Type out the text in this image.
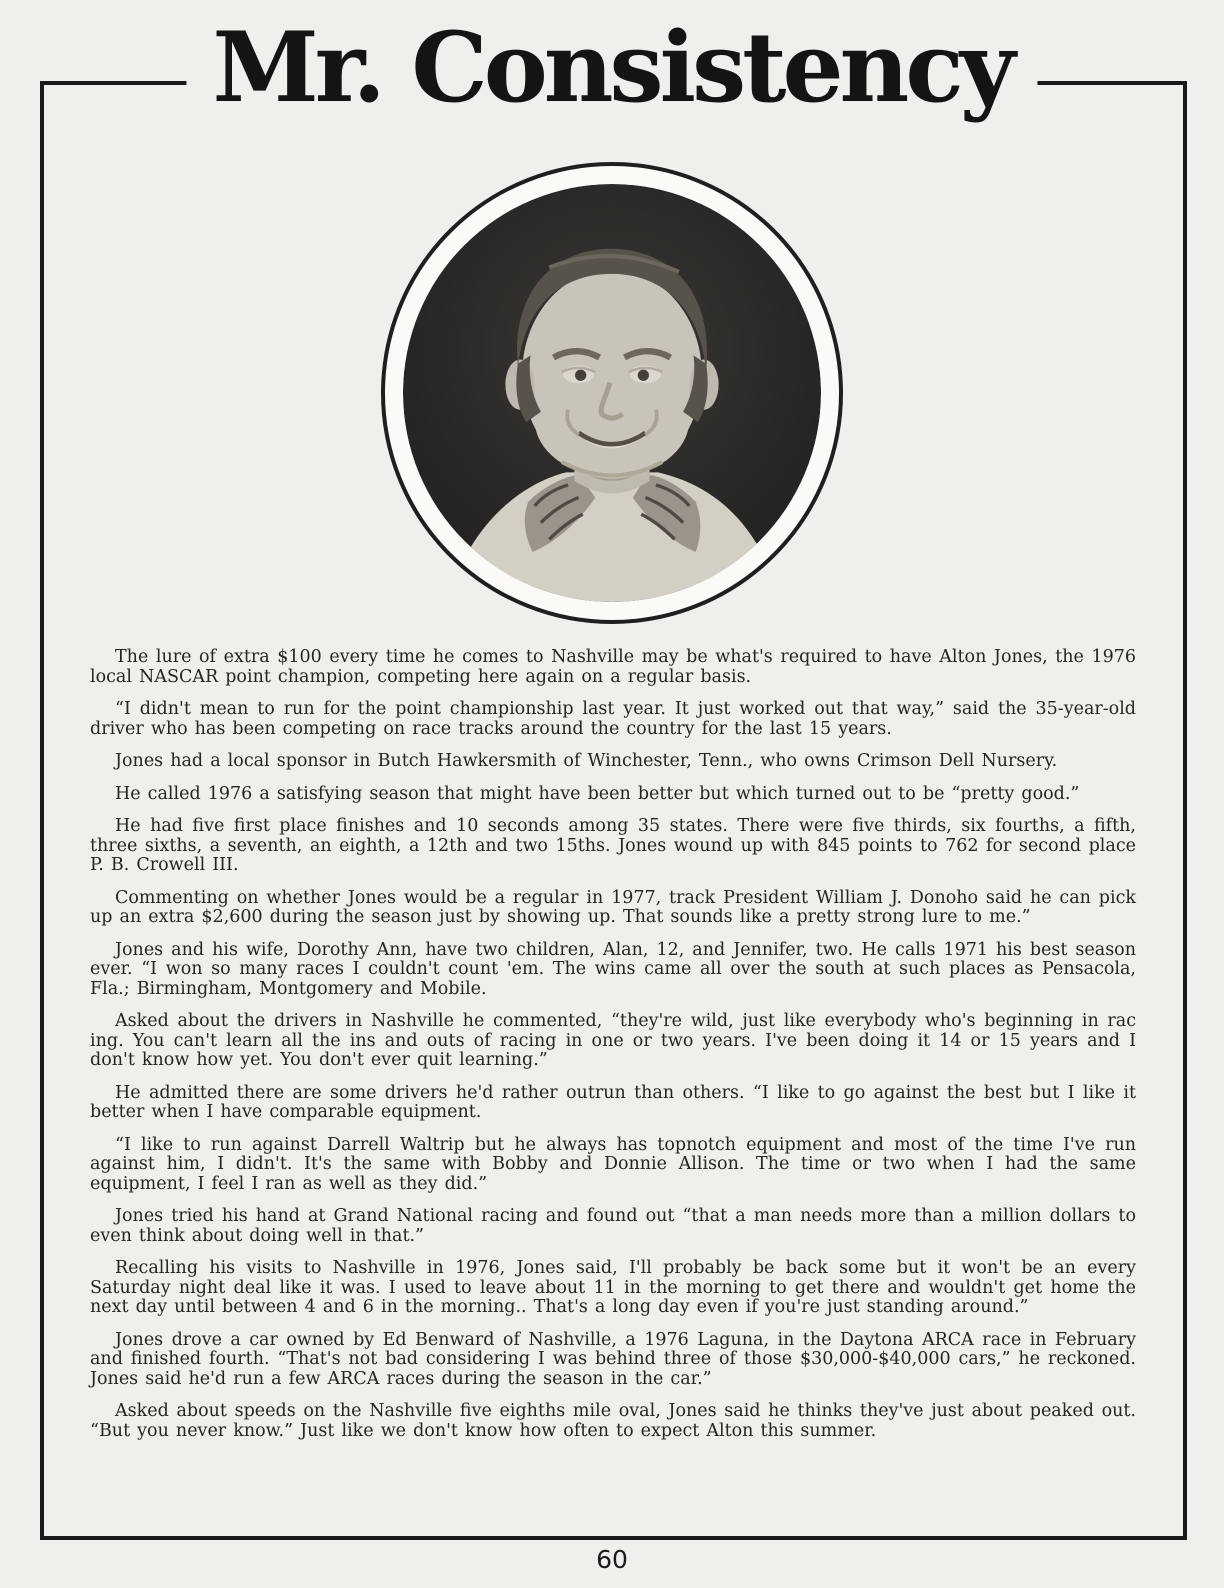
Mr. Consistency

The lure of extra $100 every time he comes to Nashville may be what's required to have Alton Jones, the 1976 local NASCAR point champion, competing here again on a regular basis.

“I didn't mean to run for the point championship last year. It just worked out that way,” said the 35-year-old driver who has been competing on race tracks around the country for the last 15 years.

Jones had a local sponsor in Butch Hawkersmith of Winchester, Tenn., who owns Crimson Dell Nursery.

He called 1976 a satisfying season that might have been better but which turned out to be “pretty good.”

He had five first place finishes and 10 seconds among 35 states. There were five thirds, six fourths, a fifth, three sixths, a seventh, an eighth, a 12th and two 15ths. Jones wound up with 845 points to 762 for second place P. B. Crowell III.

Commenting on whether Jones would be a regular in 1977, track President William J. Donoho said he can pick up an extra $2,600 during the season just by showing up. That sounds like a pretty strong lure to me.”

Jones and his wife, Dorothy Ann, have two children, Alan, 12, and Jennifer, two. He calls 1971 his best season ever. “I won so many races I couldn't count 'em. The wins came all over the south at such places as Pensacola, Fla.; Birmingham, Montgomery and Mobile.

Asked about the drivers in Nashville he commented, “they're wild, just like everybody who's beginning in rac ing. You can't learn all the ins and outs of racing in one or two years. I've been doing it 14 or 15 years and I don't know how yet. You don't ever quit learning.”

He admitted there are some drivers he'd rather outrun than others. “I like to go against the best but I like it better when I have comparable equipment.

“I like to run against Darrell Waltrip but he always has topnotch equipment and most of the time I've run against him, I didn't. It's the same with Bobby and Donnie Allison. The time or two when I had the same equipment, I feel I ran as well as they did.”

Jones tried his hand at Grand National racing and found out “that a man needs more than a million dollars to even think about doing well in that.”

Recalling his visits to Nashville in 1976, Jones said, I'll probably be back some but it won't be an every Saturday night deal like it was. I used to leave about 11 in the morning to get there and wouldn't get home the next day until between 4 and 6 in the morning.. That's a long day even if you're just standing around.”

Jones drove a car owned by Ed Benward of Nashville, a 1976 Laguna, in the Daytona ARCA race in February and finished fourth. “That's not bad considering I was behind three of those $30,000-$40,000 cars,” he reckoned. Jones said he'd run a few ARCA races during the season in the car.”

Asked about speeds on the Nashville five eighths mile oval, Jones said he thinks they've just about peaked out. “But you never know.” Just like we don't know how often to expect Alton this summer.

60
